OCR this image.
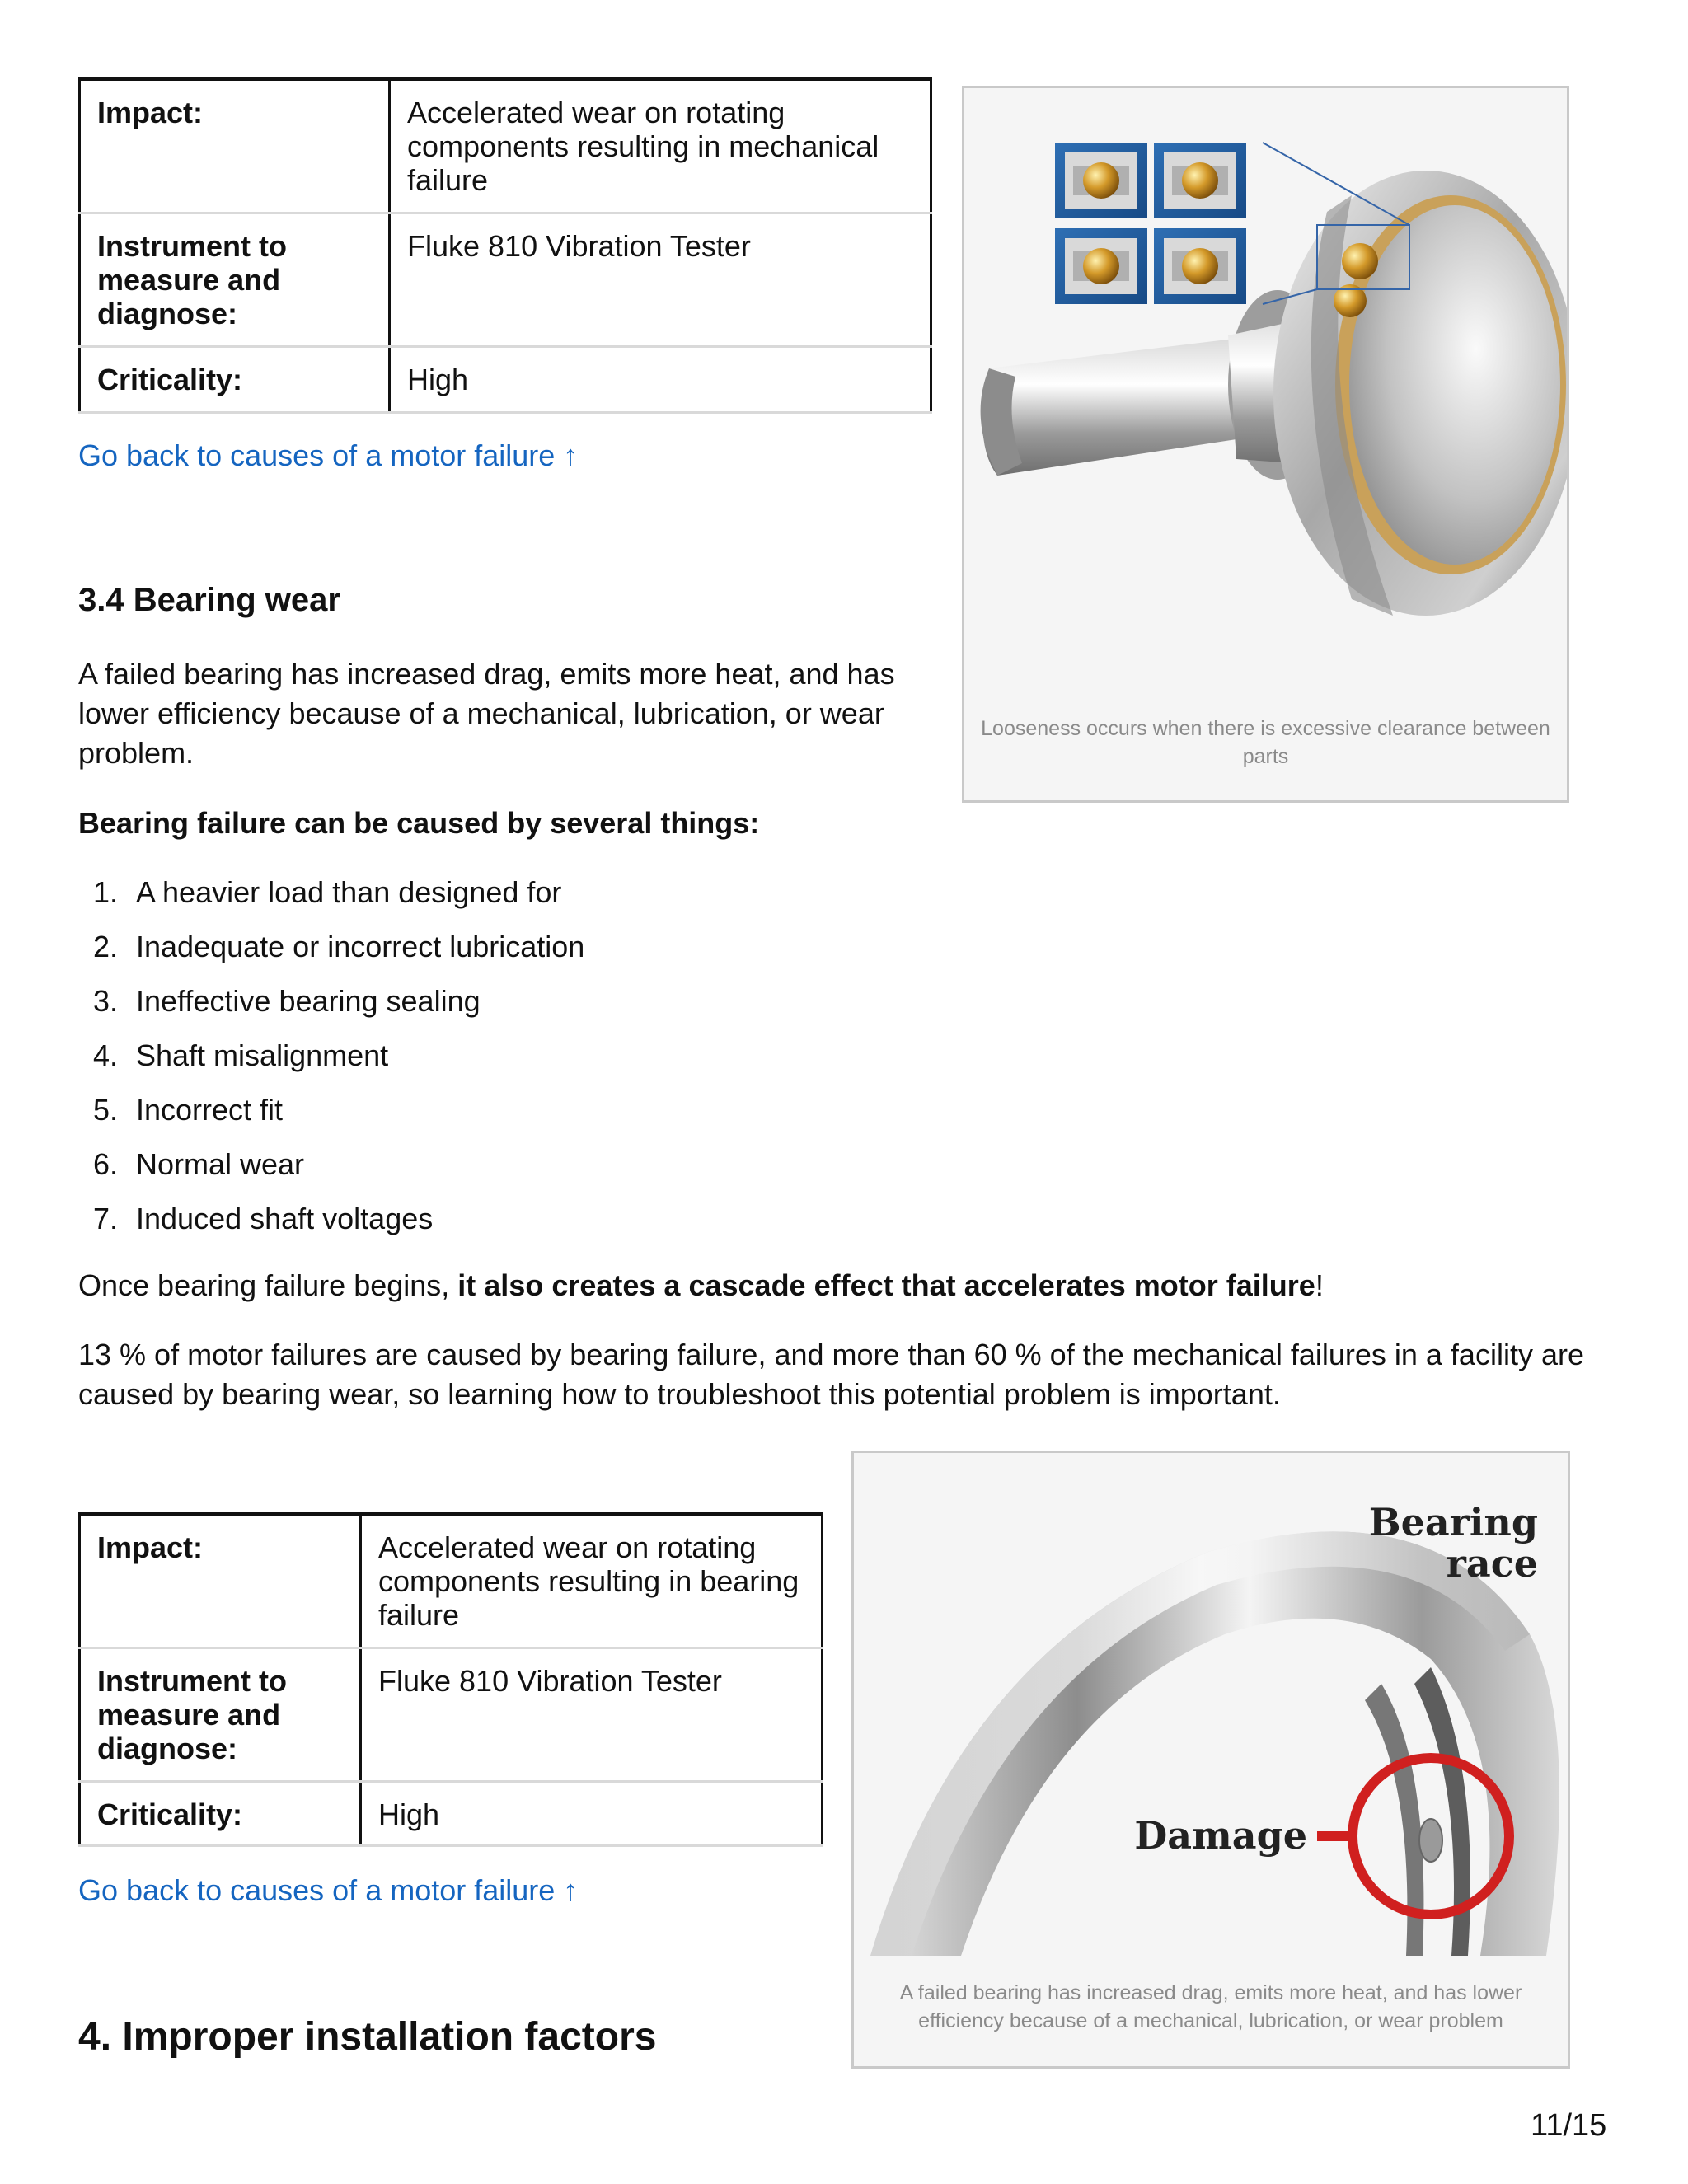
Impact:	Accelerated wear on rotating components resulting in mechanical failure
Instrument to measure and diagnose:	Fluke 810 Vibration Tester
Criticality:	High
Go back to causes of a motor failure ↑
Looseness occurs when there is excessive clearance between parts
3.4 Bearing wear

A failed bearing has increased drag, emits more heat, and has lower efficiency because of a mechanical, lubrication, or wear problem.

Bearing failure can be caused by several things:

1. A heavier load than designed for
2. Inadequate or incorrect lubrication
3. Ineffective bearing sealing
4. Shaft misalignment
5. Incorrect fit
6. Normal wear
7. Induced shaft voltages

Once bearing failure begins, it also creates a cascade effect that accelerates motor failure!

13 % of motor failures are caused by bearing failure, and more than 60 % of the mechanical failures in a facility are caused by bearing wear, so learning how to troubleshoot this potential problem is important.

Impact:	Accelerated wear on rotating components resulting in bearing failure
Instrument to measure and diagnose:	Fluke 810 Vibration Tester
Criticality:	High
Go back to causes of a motor failure ↑
Bearing
race
Damage
A failed bearing has increased drag, emits more heat, and has lower efficiency because of a mechanical, lubrication, or wear problem
4. Improper installation factors
11/15
